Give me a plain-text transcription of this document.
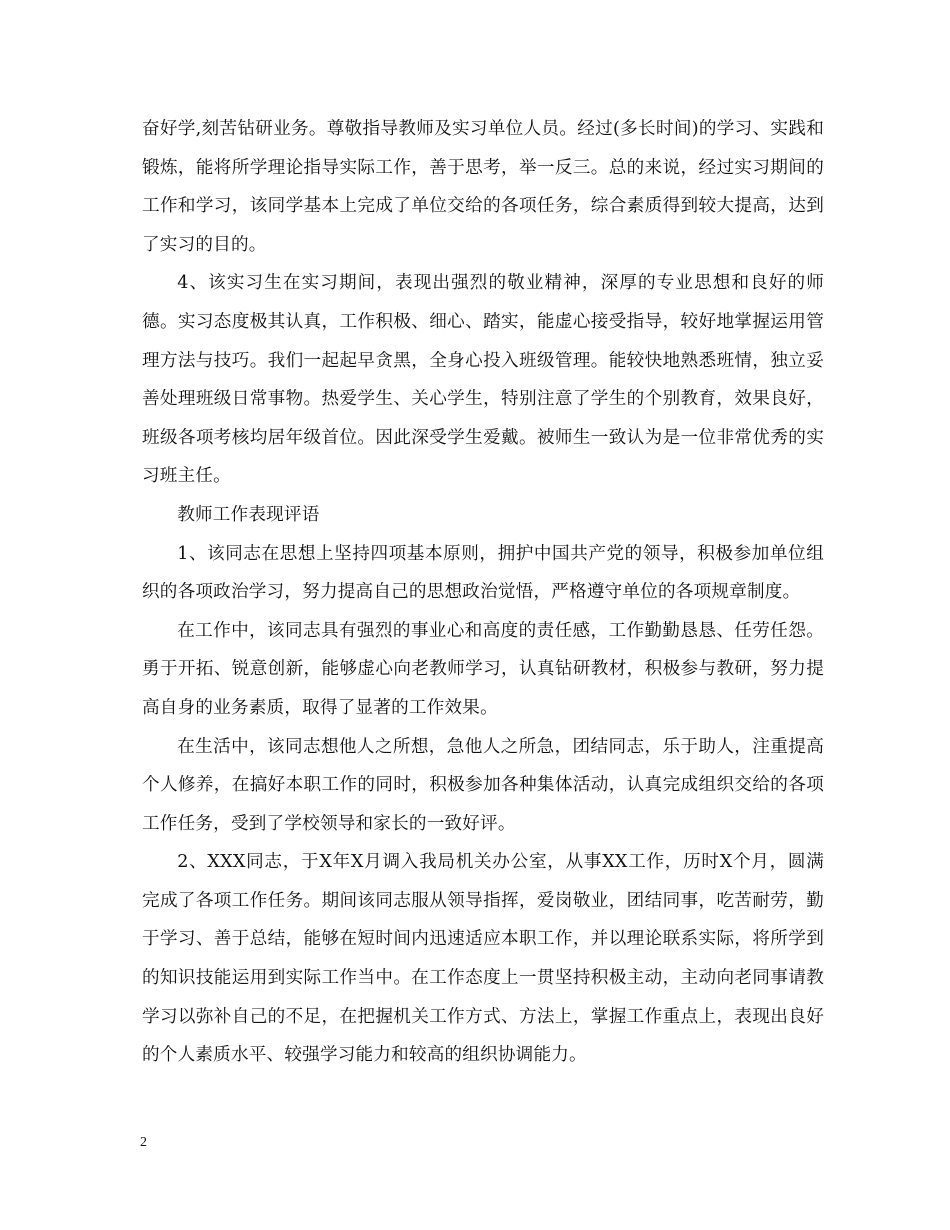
奋好学,刻苦钻研业务。尊敬指导教师及实习单位人员。经过(多长时间)的学习、实践和锻炼，能将所学理论指导实际工作，善于思考，举一反三。总的来说，经过实习期间的工作和学习，该同学基本上完成了单位交给的各项任务，综合素质得到较大提高，达到了实习的目的。

4、该实习生在实习期间，表现出强烈的敬业精神，深厚的专业思想和良好的师德。实习态度极其认真，工作积极、细心、踏实，能虚心接受指导，较好地掌握运用管理方法与技巧。我们一起起早贪黑，全身心投入班级管理。能较快地熟悉班情，独立妥善处理班级日常事物。热爱学生、关心学生，特别注意了学生的个别教育，效果良好，班级各项考核均居年级首位。因此深受学生爱戴。被师生一致认为是一位非常优秀的实习班主任。

教师工作表现评语

1、该同志在思想上坚持四项基本原则，拥护中国共产党的领导，积极参加单位组织的各项政治学习，努力提高自己的思想政治觉悟，严格遵守单位的各项规章制度。

在工作中，该同志具有强烈的事业心和高度的责任感，工作勤勤恳恳、任劳任怨。勇于开拓、锐意创新，能够虚心向老教师学习，认真钻研教材，积极参与教研，努力提高自身的业务素质，取得了显著的工作效果。

在生活中，该同志想他人之所想，急他人之所急，团结同志，乐于助人，注重提高个人修养，在搞好本职工作的同时，积极参加各种集体活动，认真完成组织交给的各项工作任务，受到了学校领导和家长的一致好评。

2、XXX同志，于X年X月调入我局机关办公室，从事XX工作，历时X个月，圆满完成了各项工作任务。期间该同志服从领导指挥，爱岗敬业，团结同事，吃苦耐劳，勤于学习、善于总结，能够在短时间内迅速适应本职工作，并以理论联系实际，将所学到的知识技能运用到实际工作当中。在工作态度上一贯坚持积极主动，主动向老同事请教学习以弥补自己的不足，在把握机关工作方式、方法上，掌握工作重点上，表现出良好的个人素质水平、较强学习能力和较高的组织协调能力。

2
